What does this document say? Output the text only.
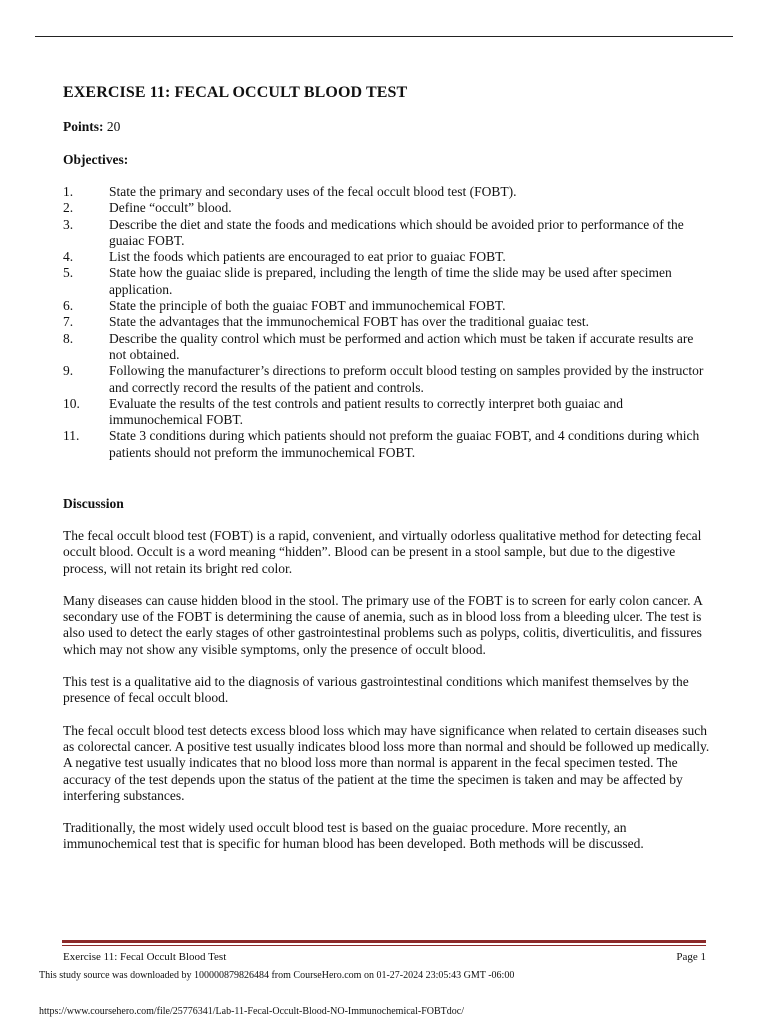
EXERCISE 11: FECAL OCCULT BLOOD TEST
Points: 20
Objectives:
1.	State the primary and secondary uses of the fecal occult blood test (FOBT).
2.	Define “occult” blood.
3.	Describe the diet and state the foods and medications which should be avoided prior to performance of the guaiac FOBT.
4.	List the foods which patients are encouraged to eat prior to guaiac FOBT.
5.	State how the guaiac slide is prepared, including the length of time the slide may be used after specimen application.
6.	State the principle of both the guaiac FOBT and immunochemical FOBT.
7.	State the advantages that the immunochemical FOBT has over the traditional guaiac test.
8.	Describe the quality control which must be performed and action which must be taken if accurate results are not obtained.
9.	Following the manufacturer’s directions to preform occult blood testing on samples provided by the instructor and correctly record the results of the patient and controls.
10.	Evaluate the results of the test controls and patient results to correctly interpret both guaiac and immunochemical FOBT.
11.	State 3 conditions during which patients should not preform the guaiac FOBT, and 4 conditions during which patients should not preform the immunochemical FOBT.
Discussion

The fecal occult blood test (FOBT) is a rapid, convenient, and virtually odorless qualitative method for detecting fecal occult blood. Occult is a word meaning “hidden”. Blood can be present in a stool sample, but due to the digestive process, will not retain its bright red color.

Many diseases can cause hidden blood in the stool. The primary use of the FOBT is to screen for early colon cancer. A secondary use of the FOBT is determining the cause of anemia, such as in blood loss from a bleeding ulcer. The test is also used to detect the early stages of other gastrointestinal problems such as polyps, colitis, diverticulitis, and fissures which may not show any visible symptoms, only the presence of occult blood.

This test is a qualitative aid to the diagnosis of various gastrointestinal conditions which manifest themselves by the presence of fecal occult blood.

The fecal occult blood test detects excess blood loss which may have significance when related to certain diseases such as colorectal cancer. A positive test usually indicates blood loss more than normal and should be followed up medically. A negative test usually indicates that no blood loss more than normal is apparent in the fecal specimen tested. The accuracy of the test depends upon the status of the patient at the time the specimen is taken and may be affected by interfering substances.

Traditionally, the most widely used occult blood test is based on the guaiac procedure. More recently, an immunochemical test that is specific for human blood has been developed. Both methods will be discussed.

Exercise 11: Fecal Occult Blood Test	Page 1
This study source was downloaded by 100000879826484 from CourseHero.com on 01-27-2024 23:05:43 GMT -06:00
https://www.coursehero.com/file/25776341/Lab-11-Fecal-Occult-Blood-NO-Immunochemical-FOBTdoc/
